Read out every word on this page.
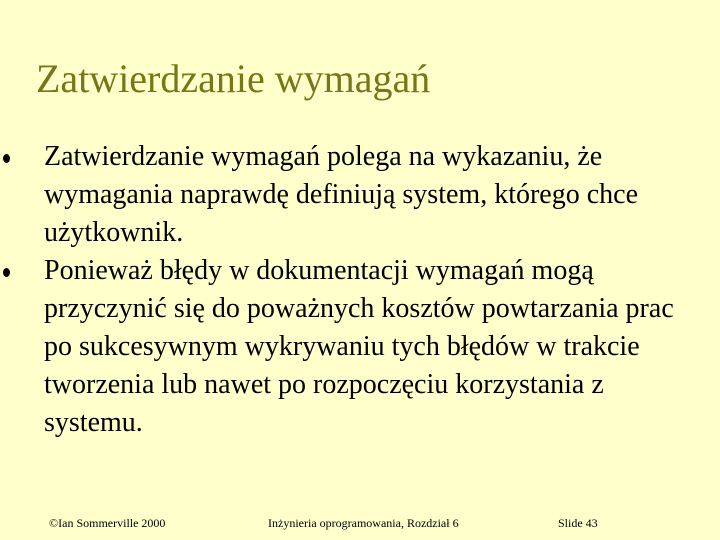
Zatwierdzanie wymagań
Zatwierdzanie wymagań polega na wykazaniu, że wymagania naprawdę definiują system, którego chce użytkownik.
Ponieważ błędy w dokumentacji wymagań mogą przyczynić się do poważnych kosztów powtarzania prac po sukcesywnym wykrywaniu tych błędów w trakcie tworzenia lub nawet po rozpoczęciu korzystania z systemu.
©Ian Sommerville 2000	Inżynieria oprogramowania, Rozdział 6	Slide 43
